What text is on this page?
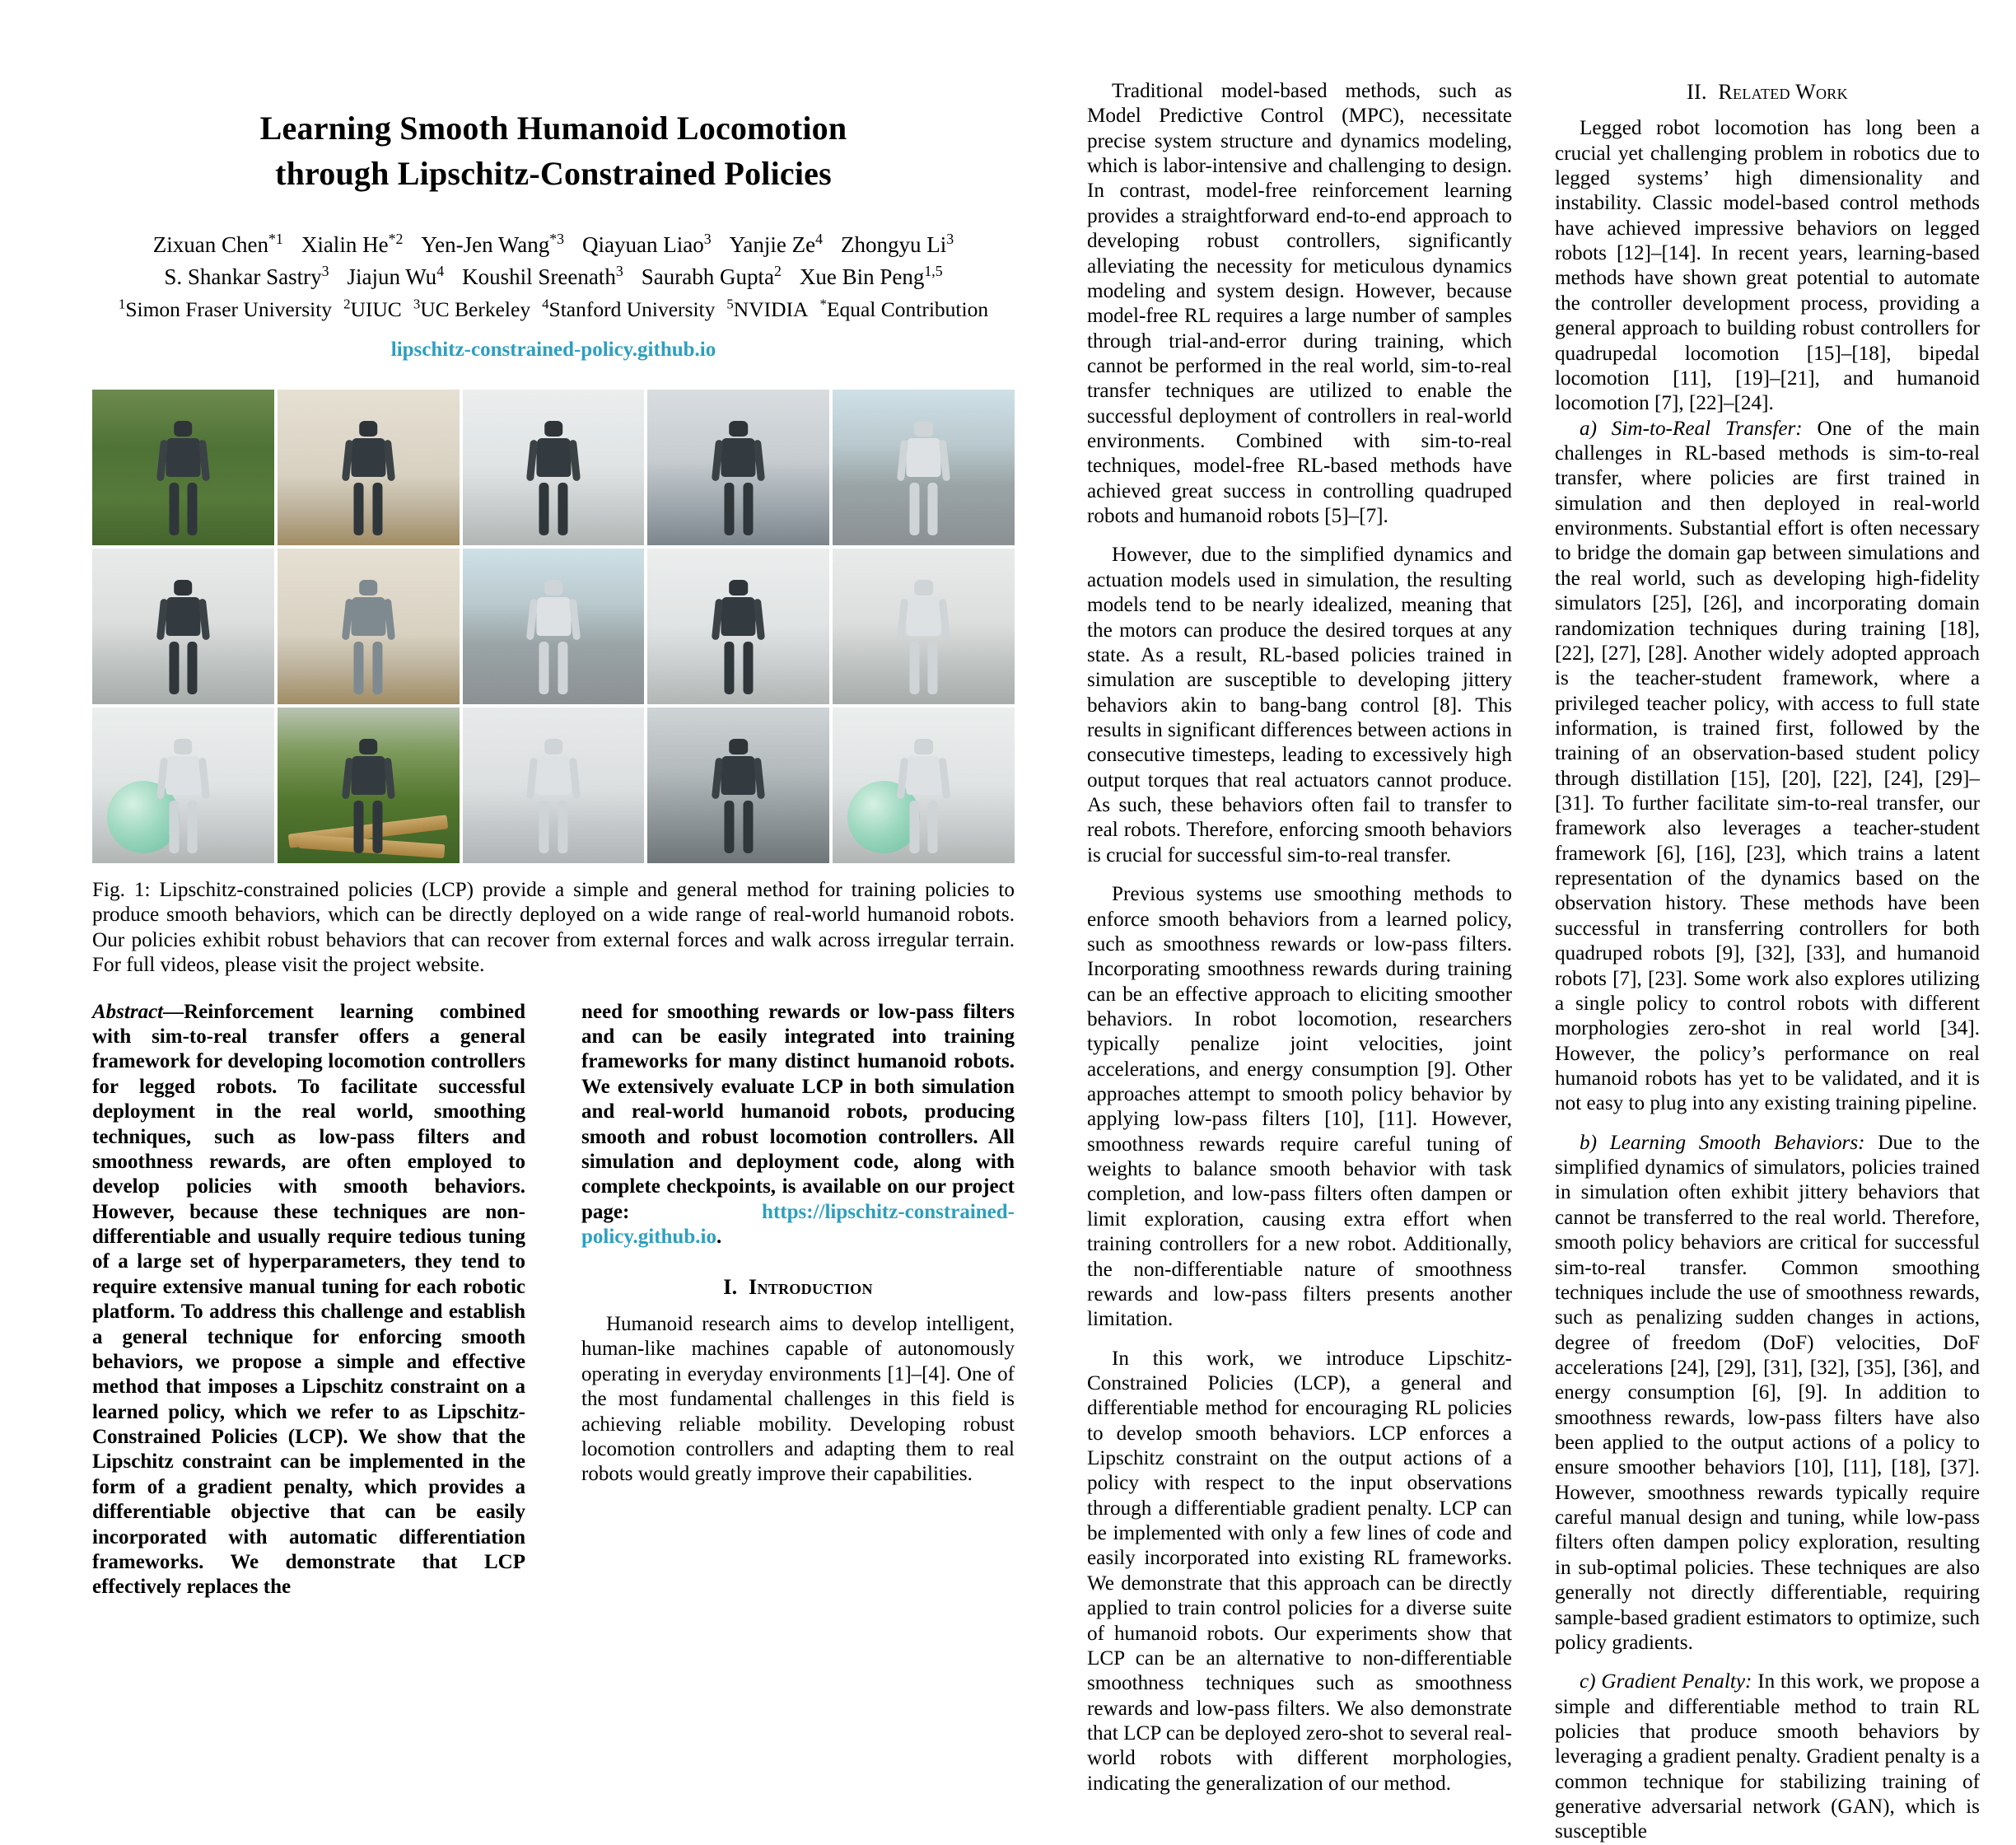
Learning Smooth Humanoid Locomotion
through Lipschitz-Constrained Policies
Zixuan Chen$^{*1}$ Xialin He$^{*2}$ Yen-Jen Wang$^{*3}$ Qiayuan Liao$^3$ Yanjie Ze$^4$ Zhongyu Li$^3$
S. Shankar Sastry$^3$ Jiajun Wu$^4$ Koushil Sreenath$^3$ Saurabh Gupta$^2$ Xue Bin Peng$^{1,5}$
$^1$Simon Fraser University $^2$UIUC $^3$UC Berkeley $^4$Stanford University $^5$NVIDIA *Equal Contribution
lipschitz-constrained-policy.github.io
Fig. 1: Lipschitz-constrained policies (LCP) provide a simple and general method for training policies to produce smooth behaviors, which can be directly deployed on a wide range of real-world humanoid robots. Our policies exhibit robust behaviors that can recover from external forces and walk across irregular terrain. For full videos, please visit the project website.
Abstract—Reinforcement learning combined with sim-to-real transfer offers a general framework for developing locomotion controllers for legged robots. To facilitate successful deployment in the real world, smoothing techniques, such as low-pass filters and smoothness rewards, are often employed to develop policies with smooth behaviors. However, because these techniques are non-differentiable and usually require tedious tuning of a large set of hyperparameters, they tend to require extensive manual tuning for each robotic platform. To address this challenge and establish a general technique for enforcing smooth behaviors, we propose a simple and effective method that imposes a Lipschitz constraint on a learned policy, which we refer to as Lipschitz-Constrained Policies (LCP). We show that the Lipschitz constraint can be implemented in the form of a gradient penalty, which provides a differentiable objective that can be easily incorporated with automatic differentiation frameworks. We demonstrate that LCP effectively replaces the
need for smoothing rewards or low-pass filters and can be easily integrated into training frameworks for many distinct humanoid robots. We extensively evaluate LCP in both simulation and real-world humanoid robots, producing smooth and robust locomotion controllers. All simulation and deployment code, along with complete checkpoints, is available on our project page: https://lipschitz-constrained-policy.github.io.
I. Introduction

Humanoid research aims to develop intelligent, human-like machines capable of autonomously operating in everyday environments [1]–[4]. One of the most fundamental challenges in this field is achieving reliable mobility. Developing robust locomotion controllers and adapting them to real robots would greatly improve their capabilities.

Traditional model-based methods, such as Model Predictive Control (MPC), necessitate precise system structure and dynamics modeling, which is labor-intensive and challenging to design. In contrast, model-free reinforcement learning provides a straightforward end-to-end approach to developing robust controllers, significantly alleviating the necessity for meticulous dynamics modeling and system design. However, because model-free RL requires a large number of samples through trial-and-error during training, which cannot be performed in the real world, sim-to-real transfer techniques are utilized to enable the successful deployment of controllers in real-world environments. Combined with sim-to-real techniques, model-free RL-based methods have achieved great success in controlling quadruped robots and humanoid robots [5]–[7].

However, due to the simplified dynamics and actuation models used in simulation, the resulting models tend to be nearly idealized, meaning that the motors can produce the desired torques at any state. As a result, RL-based policies trained in simulation are susceptible to developing jittery behaviors akin to bang-bang control [8]. This results in significant differences between actions in consecutive timesteps, leading to excessively high output torques that real actuators cannot produce. As such, these behaviors often fail to transfer to real robots. Therefore, enforcing smooth behaviors is crucial for successful sim-to-real transfer.

Previous systems use smoothing methods to enforce smooth behaviors from a learned policy, such as smoothness rewards or low-pass filters. Incorporating smoothness rewards during training can be an effective approach to eliciting smoother behaviors. In robot locomotion, researchers typically penalize joint velocities, joint accelerations, and energy consumption [9]. Other approaches attempt to smooth policy behavior by applying low-pass filters [10], [11]. However, smoothness rewards require careful tuning of weights to balance smooth behavior with task completion, and low-pass filters often dampen or limit exploration, causing extra effort when training controllers for a new robot. Additionally, the non-differentiable nature of smoothness rewards and low-pass filters presents another limitation.

In this work, we introduce Lipschitz-Constrained Policies (LCP), a general and differentiable method for encouraging RL policies to develop smooth behaviors. LCP enforces a Lipschitz constraint on the output actions of a policy with respect to the input observations through a differentiable gradient penalty. LCP can be implemented with only a few lines of code and easily incorporated into existing RL frameworks. We demonstrate that this approach can be directly applied to train control policies for a diverse suite of humanoid robots. Our experiments show that LCP can be an alternative to non-differentiable smoothness techniques such as smoothness rewards and low-pass filters. We also demonstrate that LCP can be deployed zero-shot to several real-world robots with different morphologies, indicating the generalization of our method.

II. Related Work

Legged robot locomotion has long been a crucial yet challenging problem in robotics due to legged systems’ high dimensionality and instability. Classic model-based control methods have achieved impressive behaviors on legged robots [12]–[14]. In recent years, learning-based methods have shown great potential to automate the controller development process, providing a general approach to building robust controllers for quadrupedal locomotion [15]–[18], bipedal locomotion [11], [19]–[21], and humanoid locomotion [7], [22]–[24].

a) Sim-to-Real Transfer: One of the main challenges in RL-based methods is sim-to-real transfer, where policies are first trained in simulation and then deployed in real-world environments. Substantial effort is often necessary to bridge the domain gap between simulations and the real world, such as developing high-fidelity simulators [25], [26], and incorporating domain randomization techniques during training [18], [22], [27], [28]. Another widely adopted approach is the teacher-student framework, where a privileged teacher policy, with access to full state information, is trained first, followed by the training of an observation-based student policy through distillation [15], [20], [22], [24], [29]–[31]. To further facilitate sim-to-real transfer, our framework also leverages a teacher-student framework [6], [16], [23], which trains a latent representation of the dynamics based on the observation history. These methods have been successful in transferring controllers for both quadruped robots [9], [32], [33], and humanoid robots [7], [23]. Some work also explores utilizing a single policy to control robots with different morphologies zero-shot in real world [34]. However, the policy’s performance on real humanoid robots has yet to be validated, and it is not easy to plug into any existing training pipeline.

b) Learning Smooth Behaviors: Due to the simplified dynamics of simulators, policies trained in simulation often exhibit jittery behaviors that cannot be transferred to the real world. Therefore, smooth policy behaviors are critical for successful sim-to-real transfer. Common smoothing techniques include the use of smoothness rewards, such as penalizing sudden changes in actions, degree of freedom (DoF) velocities, DoF accelerations [24], [29], [31], [32], [35], [36], and energy consumption [6], [9]. In addition to smoothness rewards, low-pass filters have also been applied to the output actions of a policy to ensure smoother behaviors [10], [11], [18], [37]. However, smoothness rewards typically require careful manual design and tuning, while low-pass filters often dampen policy exploration, resulting in sub-optimal policies. These techniques are also generally not directly differentiable, requiring sample-based gradient estimators to optimize, such policy gradients.

c) Gradient Penalty: In this work, we propose a simple and differentiable method to train RL policies that produce smooth behaviors by leveraging a gradient penalty. Gradient penalty is a common technique for stabilizing training of generative adversarial network (GAN), which is susceptible
